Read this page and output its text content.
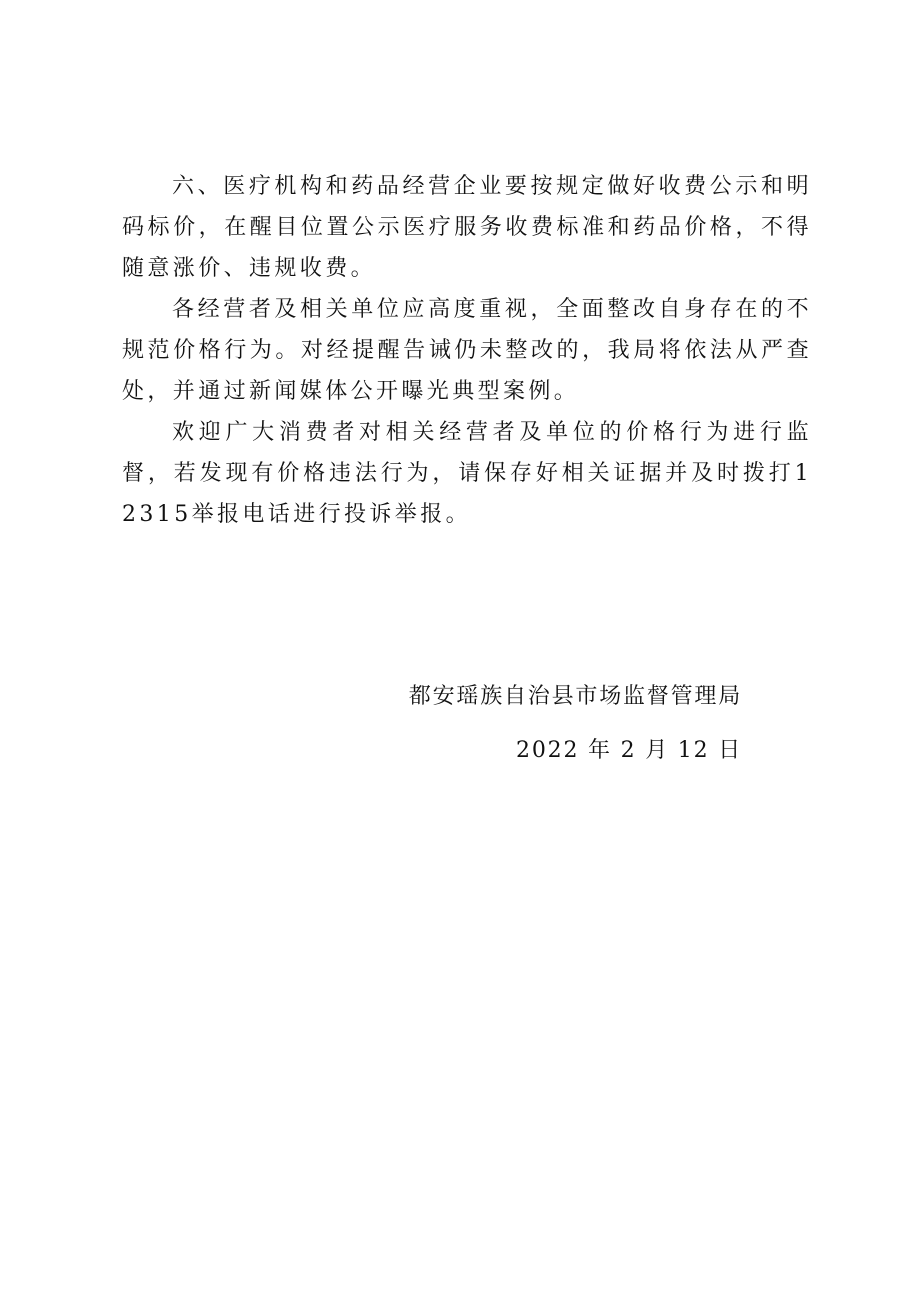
六、医疗机构和药品经营企业要按规定做好收费公示和明码标价，在醒目位置公示医疗服务收费标准和药品价格，不得随意涨价、违规收费。

各经营者及相关单位应高度重视，全面整改自身存在的不规范价格行为。对经提醒告诫仍未整改的，我局将依法从严查处，并通过新闻媒体公开曝光典型案例。

欢迎广大消费者对相关经营者及单位的价格行为进行监督，若发现有价格违法行为，请保存好相关证据并及时拨打12315举报电话进行投诉举报。

都安瑶族自治县市场监督管理局
2022 年 2 月 12 日
